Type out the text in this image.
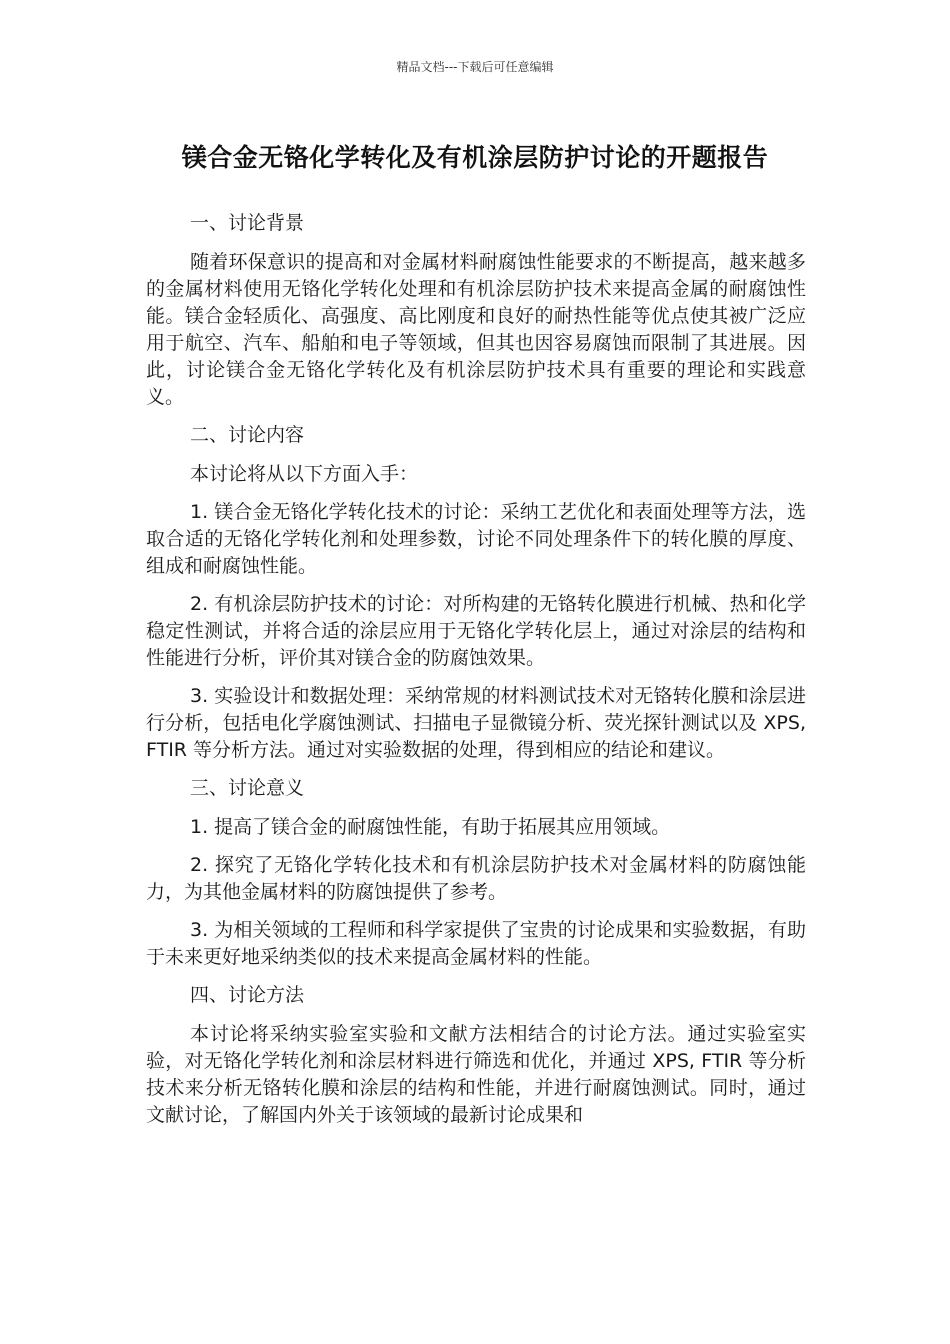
精品文档---下载后可任意编辑
镁合金无铬化学转化及有机涂层防护讨论的开题报告

一、讨论背景

随着环保意识的提高和对金属材料耐腐蚀性能要求的不断提高，越来越多的金属材料使用无铬化学转化处理和有机涂层防护技术来提高金属的耐腐蚀性能。镁合金轻质化、高强度、高比刚度和良好的耐热性能等优点使其被广泛应用于航空、汽车、船舶和电子等领域，但其也因容易腐蚀而限制了其进展。因此，讨论镁合金无铬化学转化及有机涂层防护技术具有重要的理论和实践意义。

二、讨论内容

本讨论将从以下方面入手：

1. 镁合金无铬化学转化技术的讨论：采纳工艺优化和表面处理等方法，选取合适的无铬化学转化剂和处理参数，讨论不同处理条件下的转化膜的厚度、组成和耐腐蚀性能。

2. 有机涂层防护技术的讨论：对所构建的无铬转化膜进行机械、热和化学稳定性测试，并将合适的涂层应用于无铬化学转化层上，通过对涂层的结构和性能进行分析，评价其对镁合金的防腐蚀效果。

3. 实验设计和数据处理：采纳常规的材料测试技术对无铬转化膜和涂层进行分析，包括电化学腐蚀测试、扫描电子显微镜分析、荧光探针测试以及 XPS, FTIR 等分析方法。通过对实验数据的处理，得到相应的结论和建议。

三、讨论意义

1. 提高了镁合金的耐腐蚀性能，有助于拓展其应用领域。

2. 探究了无铬化学转化技术和有机涂层防护技术对金属材料的防腐蚀能力，为其他金属材料的防腐蚀提供了参考。

3. 为相关领域的工程师和科学家提供了宝贵的讨论成果和实验数据，有助于未来更好地采纳类似的技术来提高金属材料的性能。

四、讨论方法

本讨论将采纳实验室实验和文献方法相结合的讨论方法。通过实验室实验，对无铬化学转化剂和涂层材料进行筛选和优化，并通过 XPS, FTIR 等分析技术来分析无铬转化膜和涂层的结构和性能，并进行耐腐蚀测试。同时，通过文献讨论，了解国内外关于该领域的最新讨论成果和
